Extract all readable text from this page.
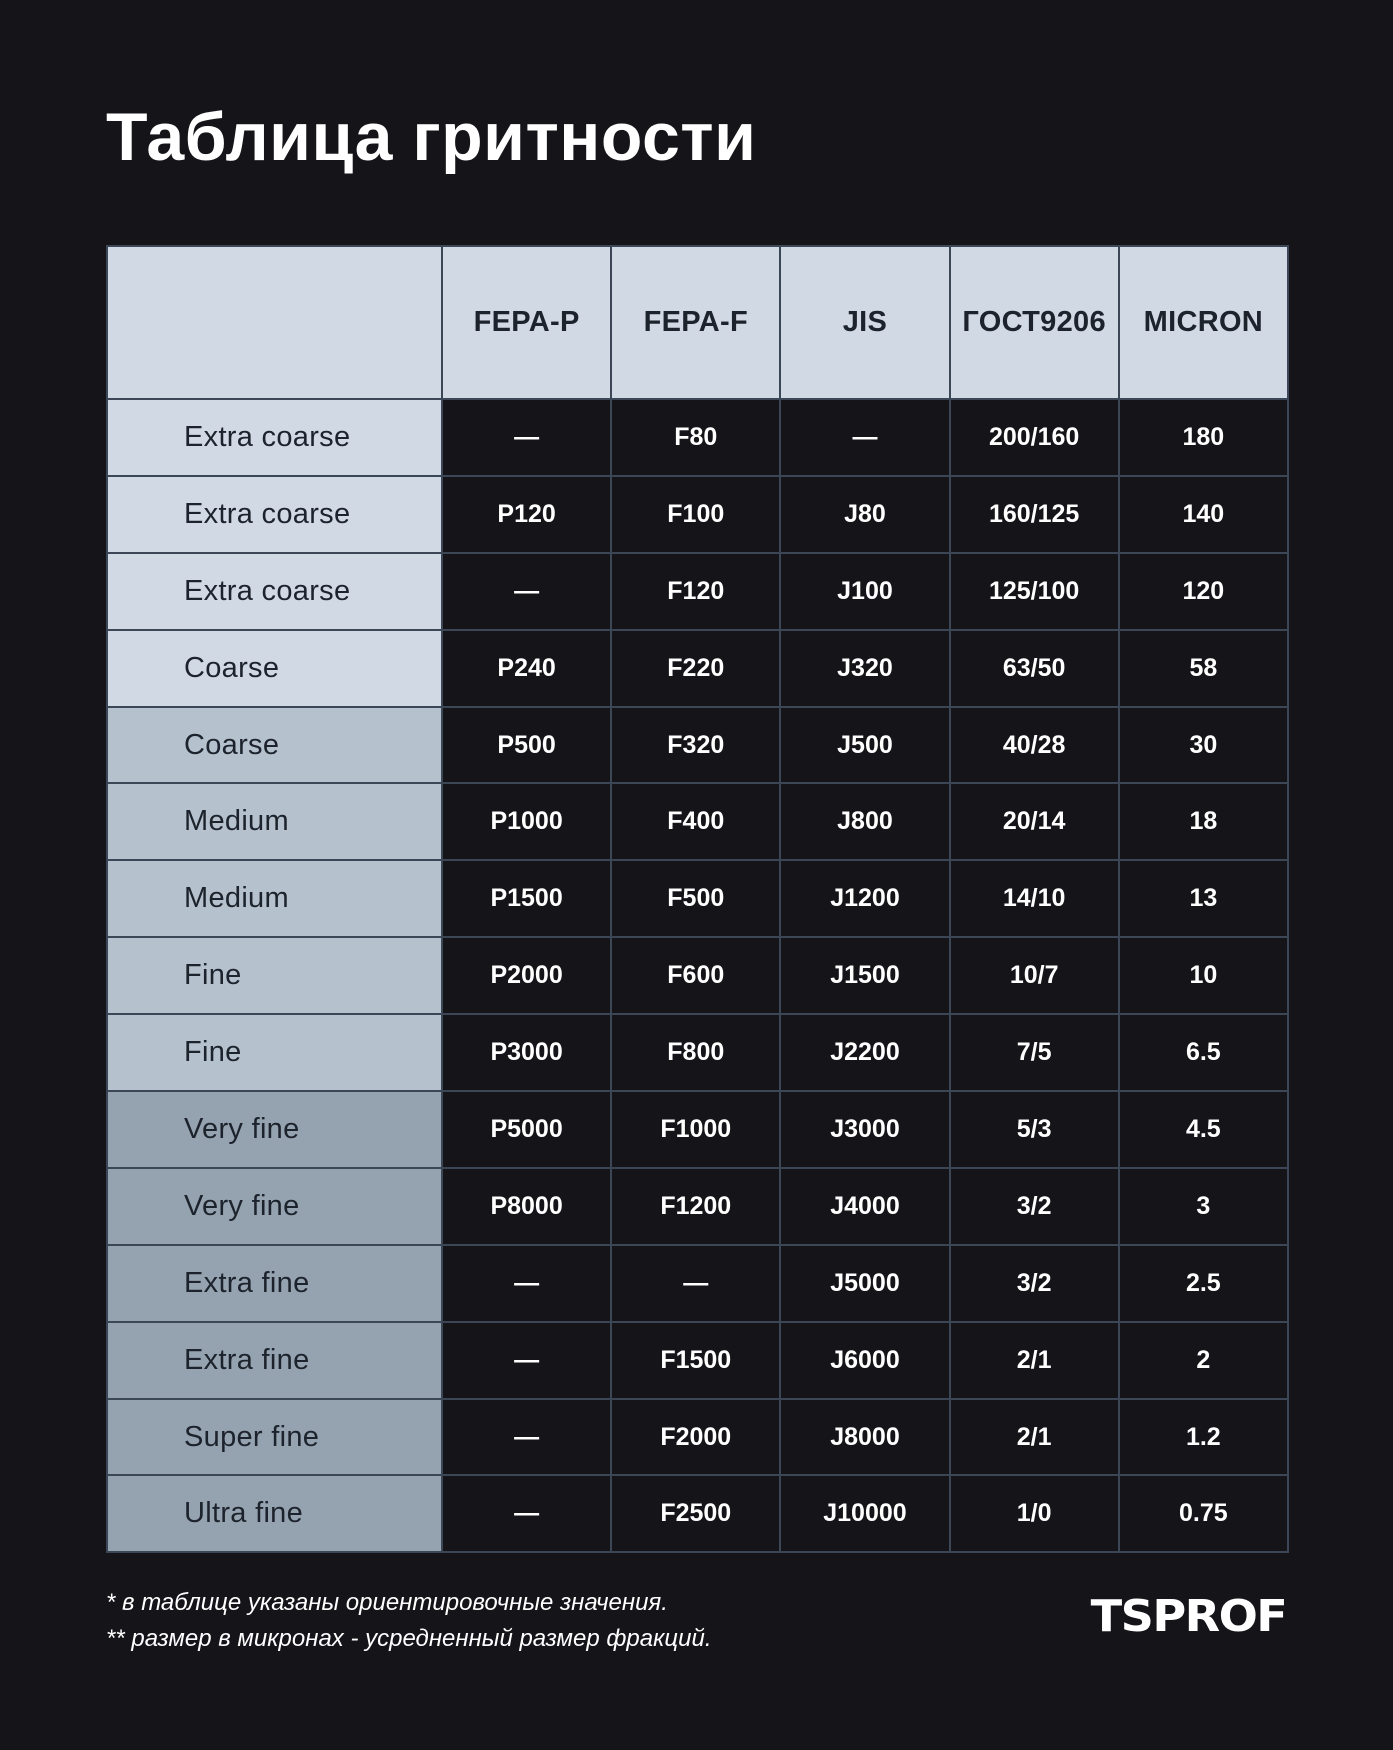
Таблица гритности
	FEPA-P	FEPA-F	JIS	ГОСТ9206	MICRON
Extra coarse	—	F80	—	200/160	180
Extra coarse	P120	F100	J80	160/125	140
Extra coarse	—	F120	J100	125/100	120
Coarse	P240	F220	J320	63/50	58
Coarse	P500	F320	J500	40/28	30
Medium	P1000	F400	J800	20/14	18
Medium	P1500	F500	J1200	14/10	13
Fine	P2000	F600	J1500	10/7	10
Fine	P3000	F800	J2200	7/5	6.5
Very fine	P5000	F1000	J3000	5/3	4.5
Very fine	P8000	F1200	J4000	3/2	3
Extra fine	—	—	J5000	3/2	2.5
Extra fine	—	F1500	J6000	2/1	2
Super fine	—	F2000	J8000	2/1	1.2
Ultra fine	—	F2500	J10000	1/0	0.75
* в таблице указаны ориентировочные значения.
** размер в микронах - усредненный размер фракций.	TSPROF
